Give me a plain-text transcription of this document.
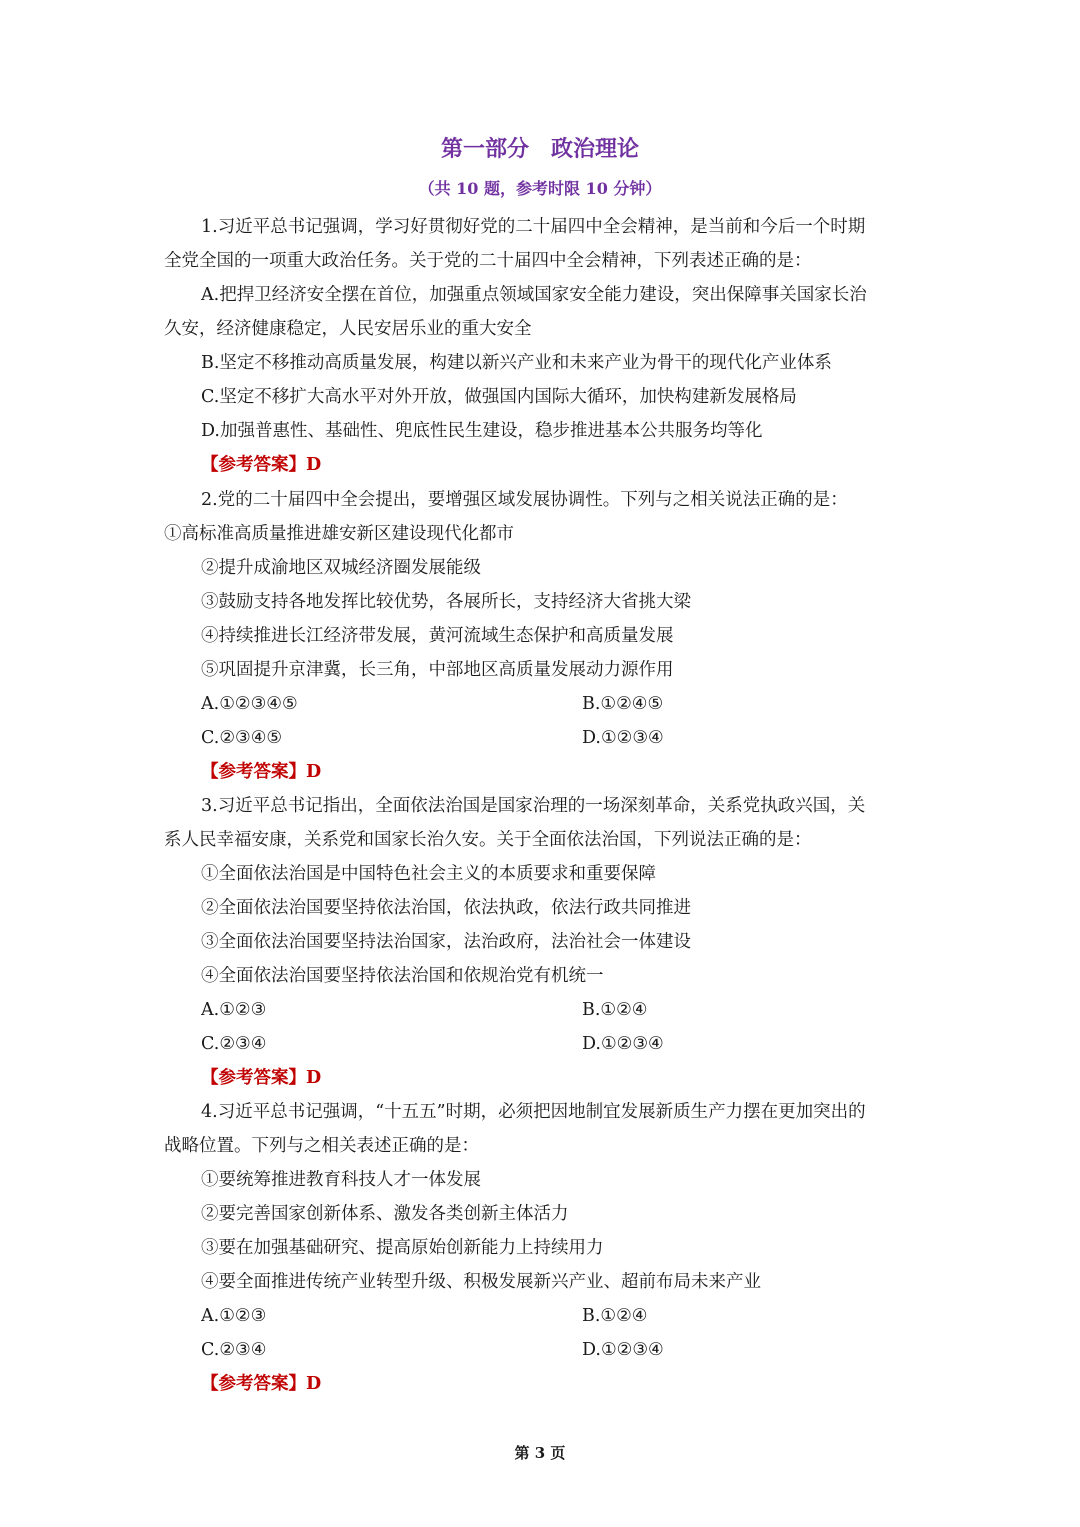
第一部分　政治理论

（共 10 题，参考时限 10 分钟）

1.习近平总书记强调，学习好贯彻好党的二十届四中全会精神，是当前和今后一个时期

全党全国的一项重大政治任务。关于党的二十届四中全会精神，下列表述正确的是：

A.把捍卫经济安全摆在首位，加强重点领域国家安全能力建设，突出保障事关国家长治

久安，经济健康稳定，人民安居乐业的重大安全

B.坚定不移推动高质量发展，构建以新兴产业和未来产业为骨干的现代化产业体系

C.坚定不移扩大高水平对外开放，做强国内国际大循环，加快构建新发展格局

D.加强普惠性、基础性、兜底性民生建设，稳步推进基本公共服务均等化

【参考答案】D

2.党的二十届四中全会提出，要增强区域发展协调性。下列与之相关说法正确的是：

①高标准高质量推进雄安新区建设现代化都市

②提升成渝地区双城经济圈发展能级

③鼓励支持各地发挥比较优势，各展所长，支持经济大省挑大梁

④持续推进长江经济带发展，黄河流域生态保护和高质量发展

⑤巩固提升京津冀，长三角，中部地区高质量发展动力源作用

A.①②③④⑤	B.①②④⑤

C.②③④⑤	D.①②③④

【参考答案】D

3.习近平总书记指出，全面依法治国是国家治理的一场深刻革命，关系党执政兴国，关

系人民幸福安康，关系党和国家长治久安。关于全面依法治国，下列说法正确的是：

①全面依法治国是中国特色社会主义的本质要求和重要保障

②全面依法治国要坚持依法治国，依法执政，依法行政共同推进

③全面依法治国要坚持法治国家，法治政府，法治社会一体建设

④全面依法治国要坚持依法治国和依规治党有机统一

A.①②③	B.①②④

C.②③④	D.①②③④

【参考答案】D

4.习近平总书记强调，“十五五”时期，必须把因地制宜发展新质生产力摆在更加突出的

战略位置。下列与之相关表述正确的是：

①要统筹推进教育科技人才一体发展

②要完善国家创新体系、激发各类创新主体活力

③要在加强基础研究、提高原始创新能力上持续用力

④要全面推进传统产业转型升级、积极发展新兴产业、超前布局未来产业

A.①②③	B.①②④

C.②③④	D.①②③④

【参考答案】D

第 3 页
